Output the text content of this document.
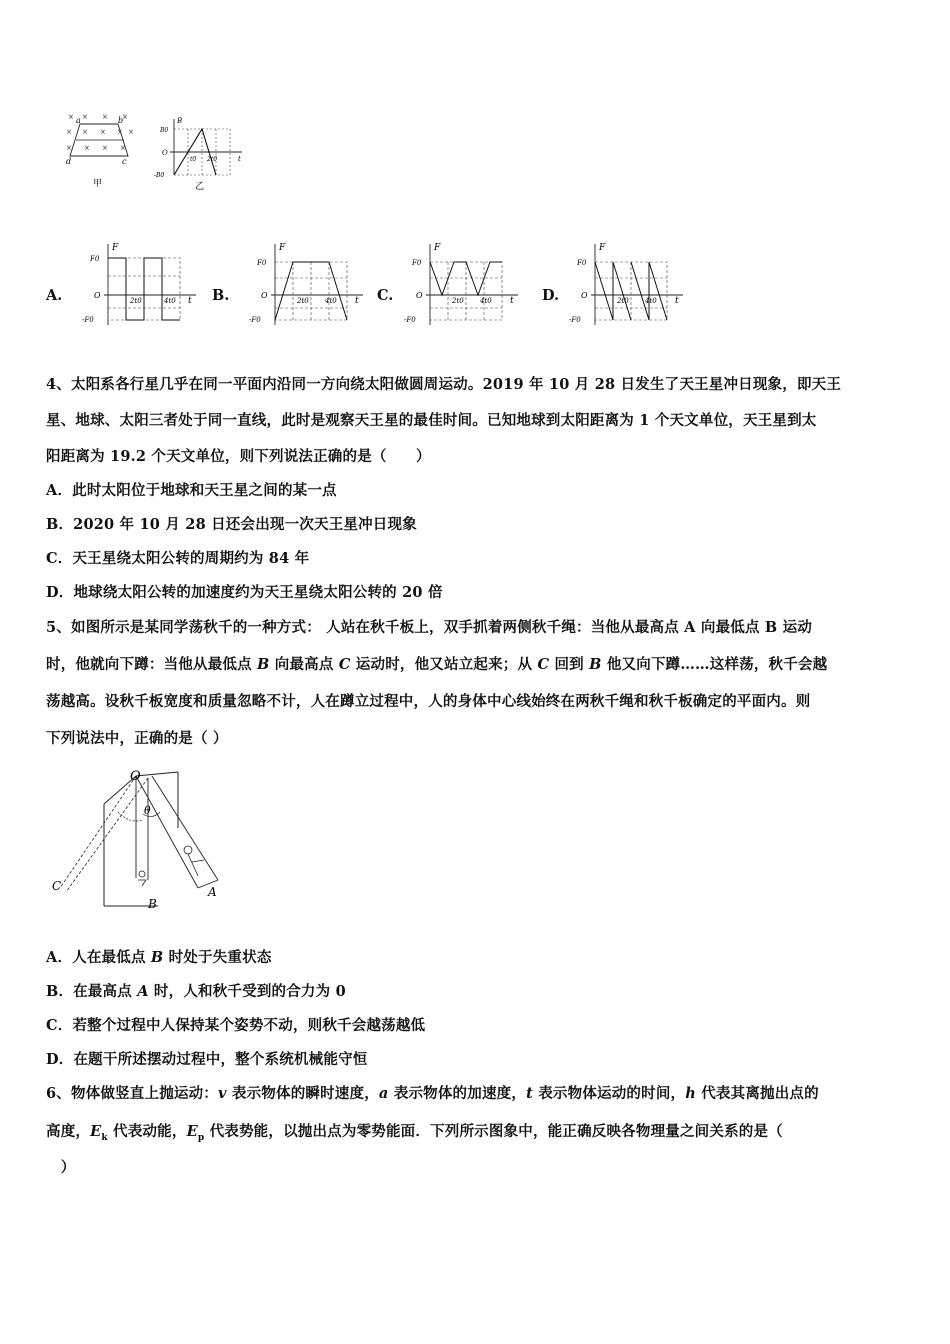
× × × ×
× × ×
×	×
× × × ×
a	b
c
d
甲
B
B0
O
-B0
t
t0 2t0
乙
A.
F
F0
O
-F0
t
2t0	4t0	B.
F
F0
O
-F0
t
2t0 4t0	C.
F
F0
O
-F0
t
2t0 4t0	D.
F
F0
O
-F0
t
2t0 4t0
4、太阳系各行星几乎在同一平面内沿同一方向绕太阳做圆周运动。2019 年 10 月 28 日发生了天王星冲日现象，即天王
星、地球、太阳三者处于同一直线，此时是观察天王星的最佳时间。已知地球到太阳距离为 1 个天文单位，天王星到太
阳距离为 19.2 个天文单位，则下列说法正确的是（　　）
A．此时太阳位于地球和天王星之间的某一点
B．2020 年 10 月 28 日还会出现一次天王星冲日现象
C．天王星绕太阳公转的周期约为 84 年
D．地球绕太阳公转的加速度约为天王星绕太阳公转的 20 倍
5、如图所示是某同学荡秋千的一种方式： 人站在秋千板上，双手抓着两侧秋千绳：当他从最高点 A 向最低点 B 运动
时，他就向下蹲：当他从最低点 B 向最高点 C 运动时，他又站立起来；从 C 回到 B 他又向下蹲……这样荡，秋千会越
荡越高。设秋千板宽度和质量忽略不计，人在蹲立过程中，人的身体中心线始终在两秋千绳和秋千板确定的平面内。则
下列说法中，正确的是（ ）
O
θ
A
B
C
A．人在最低点 B 时处于失重状态
B．在最高点 A 时，人和秋千受到的合力为 0
C．若整个过程中人保持某个姿势不动，则秋千会越荡越低
D．在题干所述摆动过程中，整个系统机械能守恒
6、物体做竖直上抛运动：v 表示物体的瞬时速度，a 表示物体的加速度，t 表示物体运动的时间，h 代表其离抛出点的
高度，$E_k$ 代表动能，$E_p$ 代表势能，以抛出点为零势能面．下列所示图象中，能正确反映各物理量之间关系的是（
　）
